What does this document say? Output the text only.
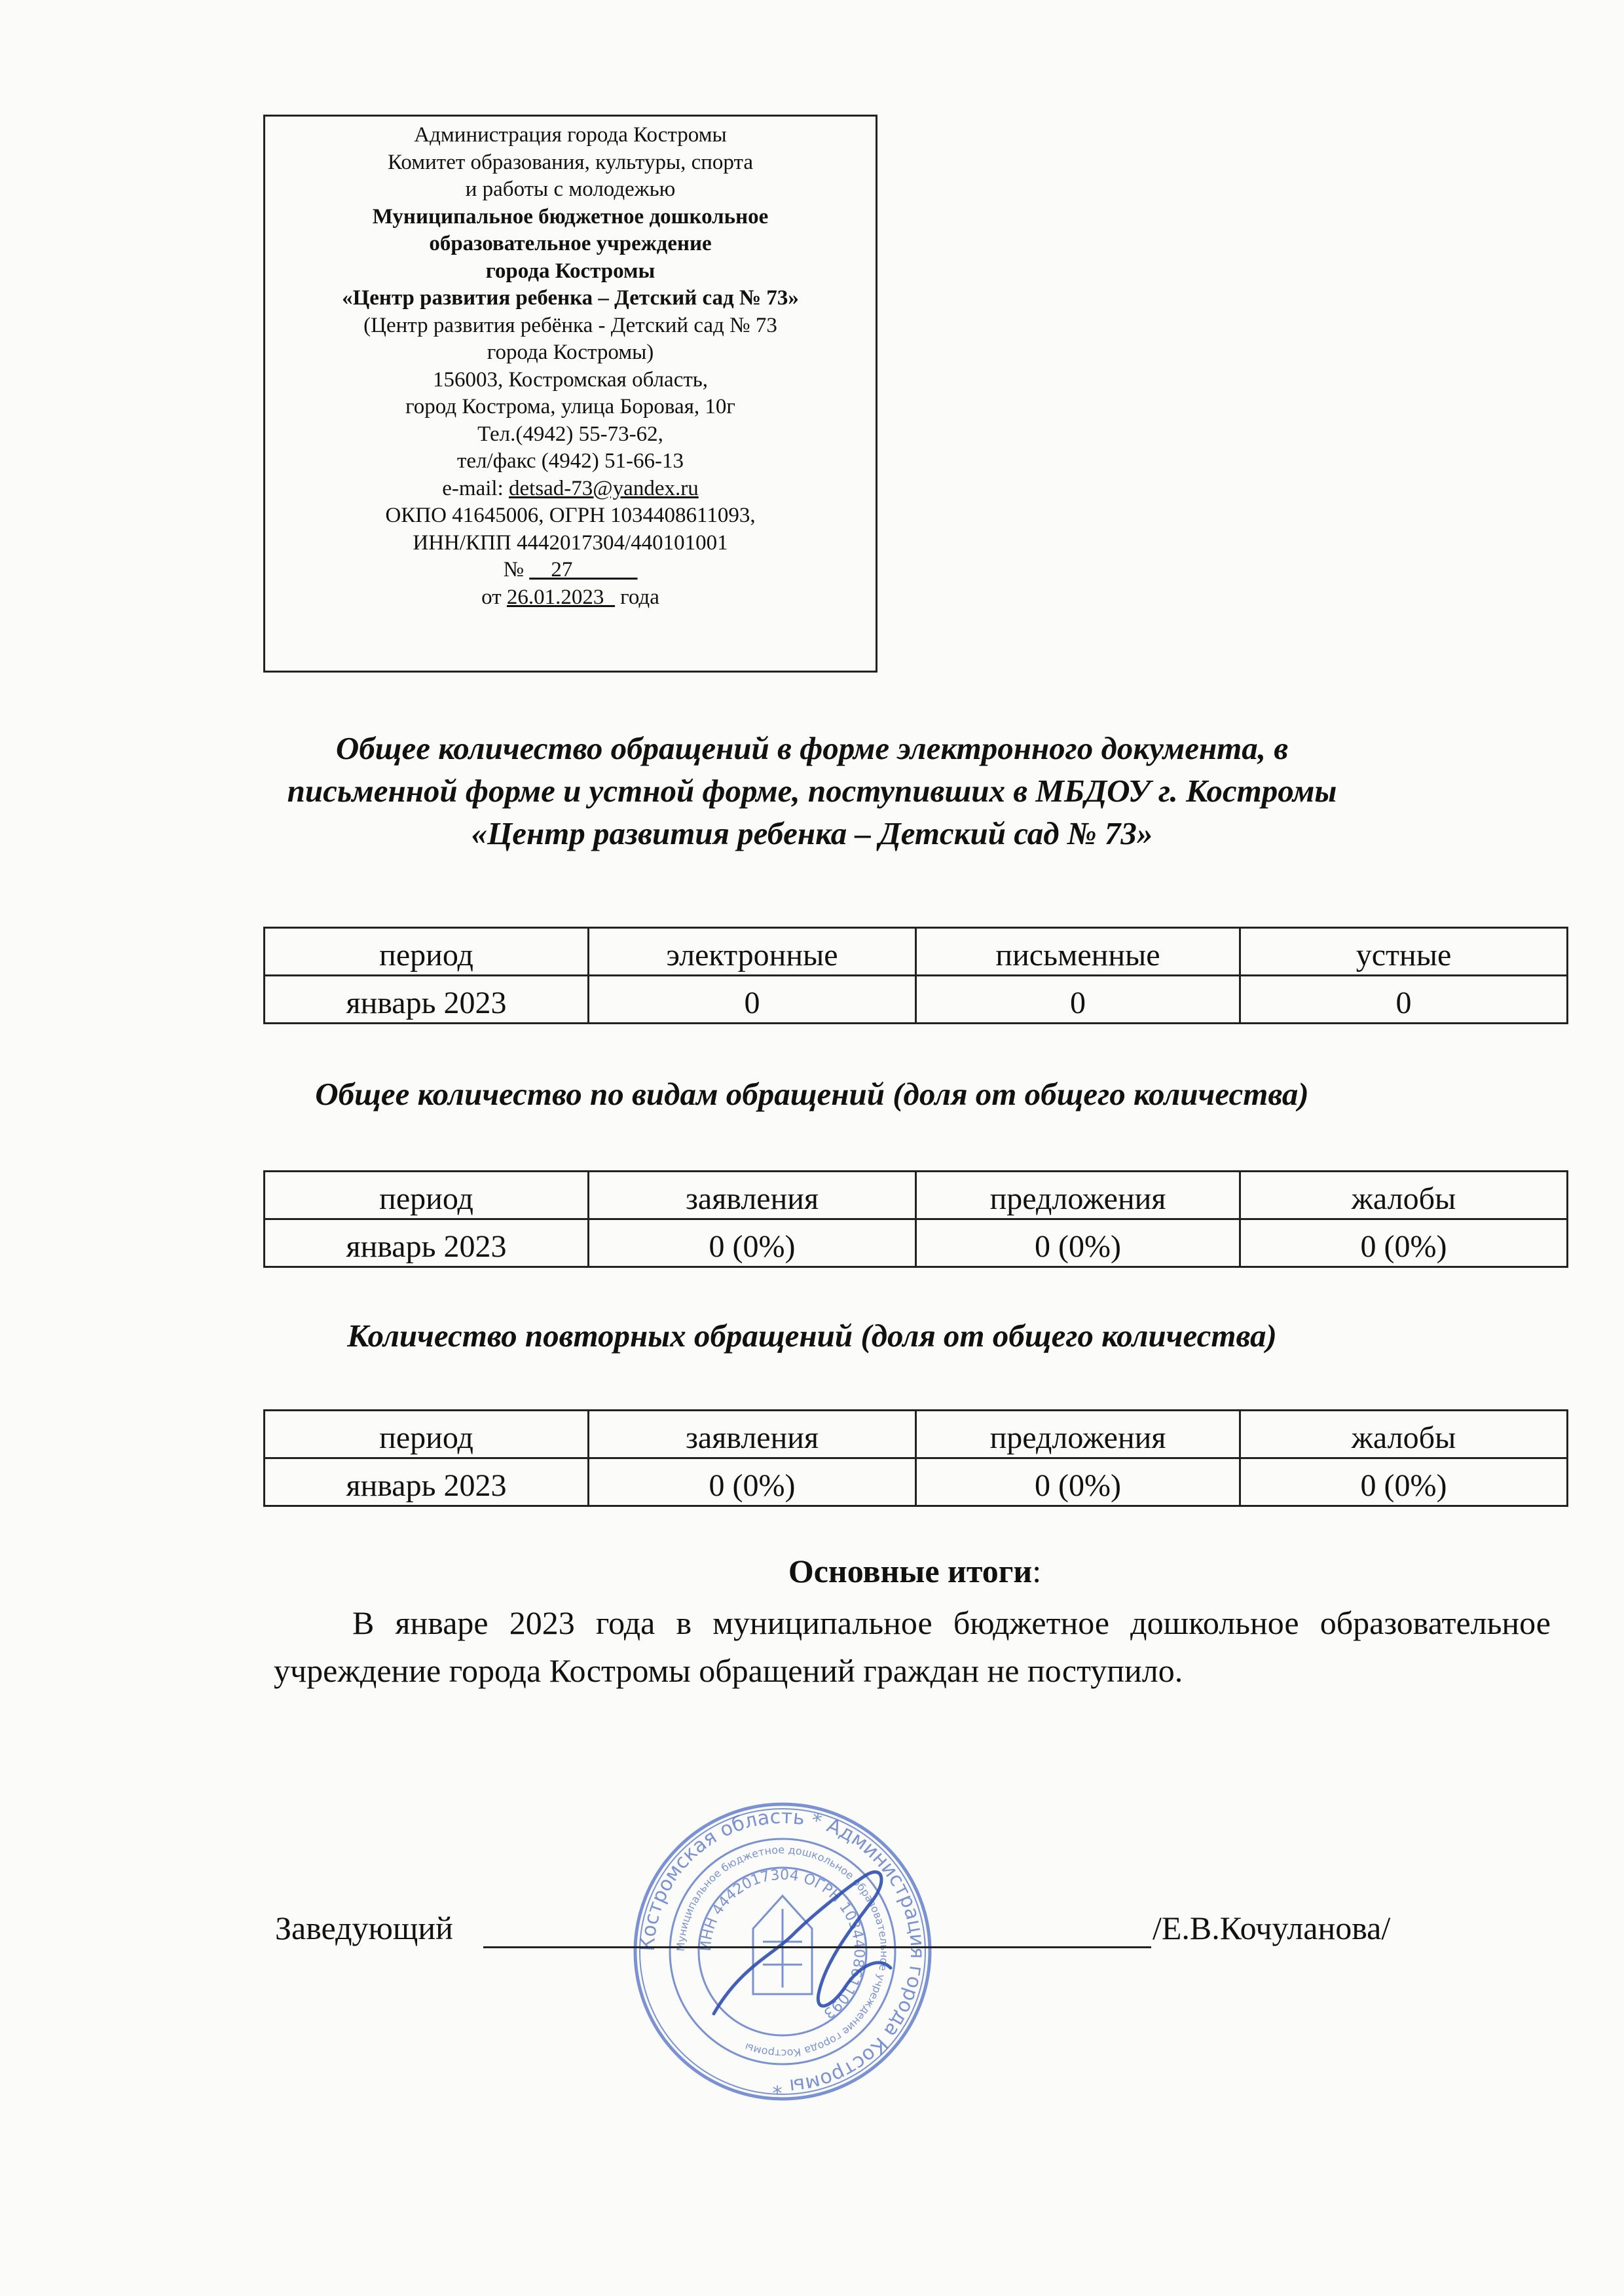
Администрация города Костромы
Комитет образования, культуры, спорта
и работы с молодежью
Муниципальное бюджетное дошкольное
образовательное учреждение
города Костромы
«Центр развития ребенка – Детский сад № 73»
(Центр развития ребёнка - Детский сад № 73
города Костромы)
156003, Костромская область,
город Кострома, улица Боровая, 10г
Тел.(4942) 55-73-62,
тел/факс (4942) 51-66-13
e-mail: detsad-73@yandex.ru
ОКПО 41645006, ОГРН 1034408611093,
ИНН/КПП 4442017304/440101001
№ __27______
от 26.01.2023_ года
Общее количество обращений в форме электронного документа, в
письменной форме и устной форме, поступивших в МБДОУ г. Костромы
«Центр развития ребенка – Детский сад № 73»
период	электронные	письменные	устные
январь 2023	0	0	0
Общее количество по видам обращений (доля от общего количества)
период	заявления	предложения	жалобы
январь 2023	0 (0%)	0 (0%)	0 (0%)
Количество повторных обращений (доля от общего количества)
период	заявления	предложения	жалобы
январь 2023	0 (0%)	0 (0%)	0 (0%)
Основные итоги:
В январе 2023 года в муниципальное бюджетное дошкольное образовательное учреждение города Костромы обращений граждан не поступило.
Костромская область * Администрация города Костромы *
Муниципальное бюджетное дошкольное образовательное учреждение города Костромы
ИНН 4442017304 ОГРН 1034408611093
Заведующий	/Е.В.Кочуланова/
